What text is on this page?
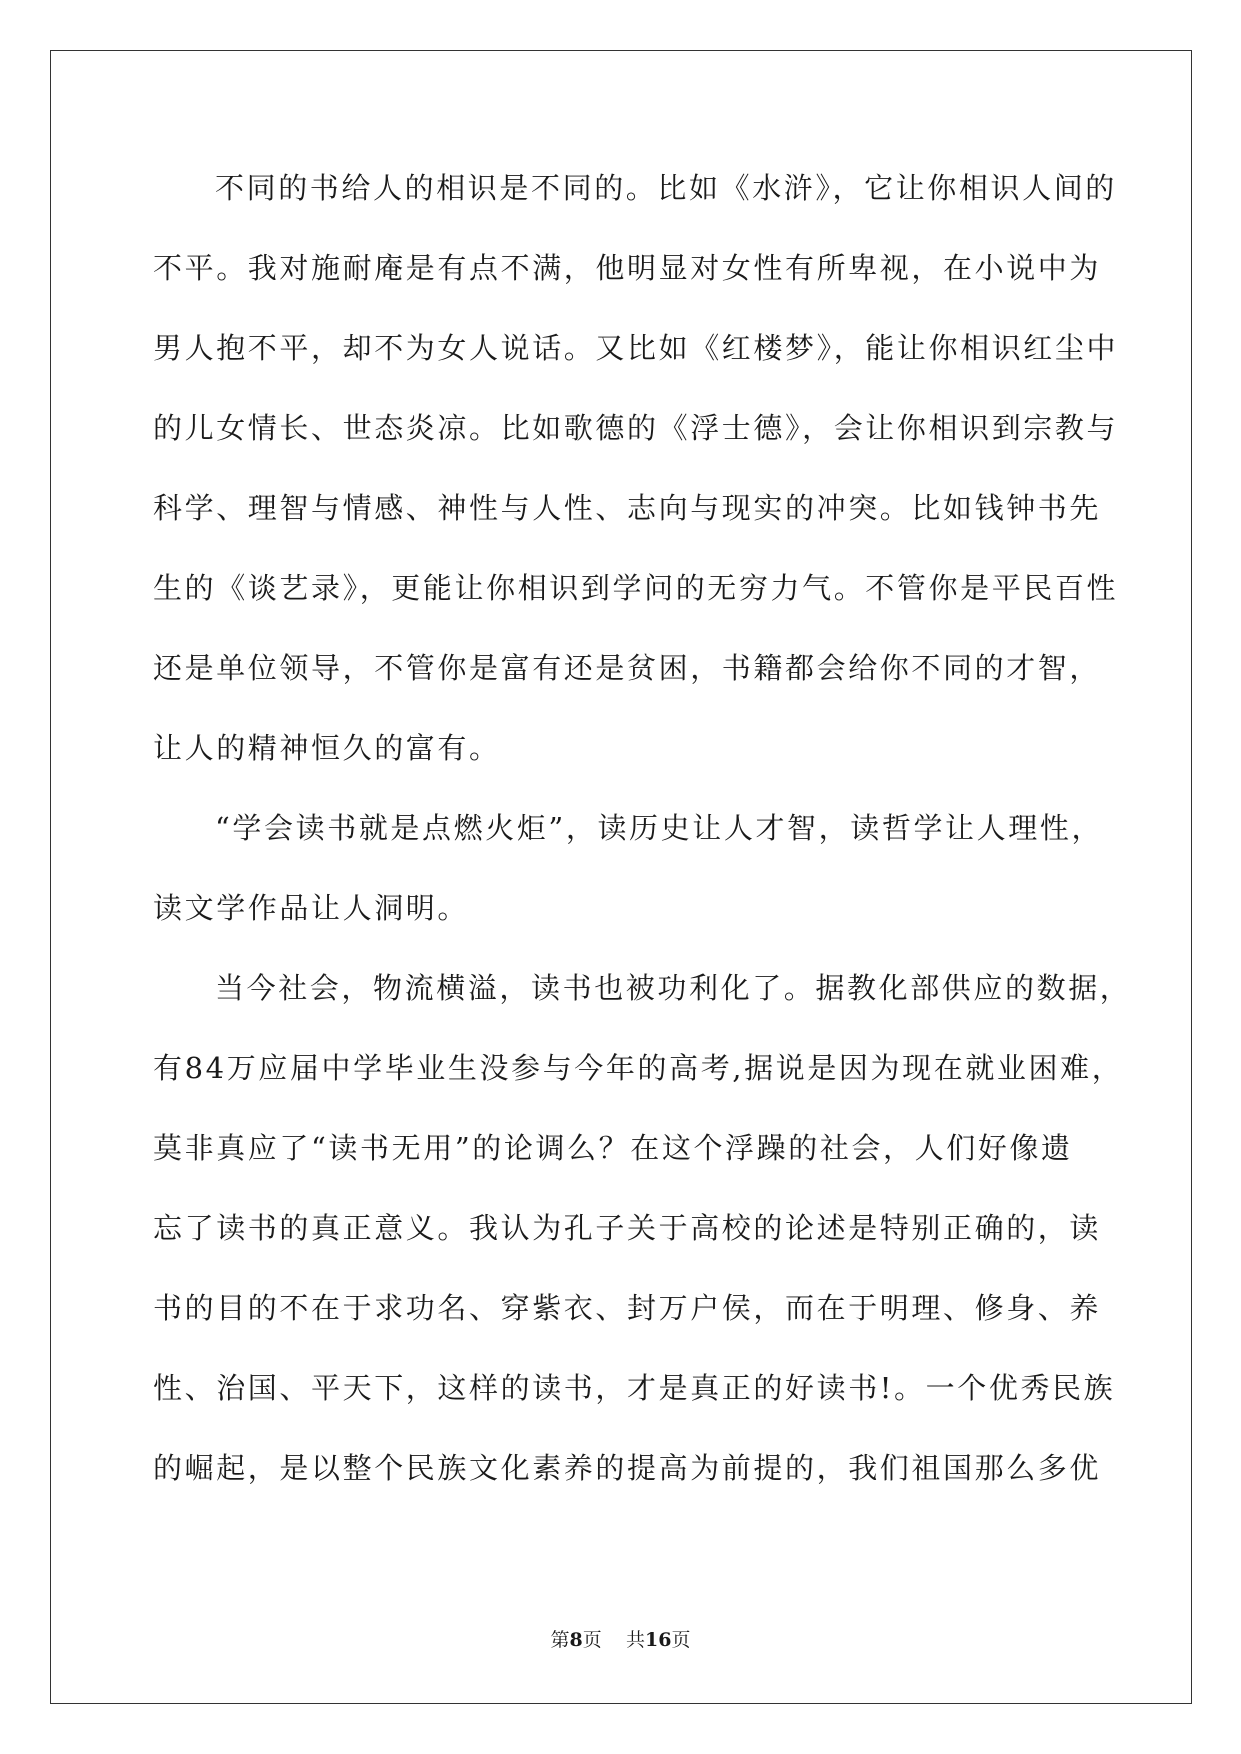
不同的书给人的相识是不同的。比如《水浒》，它让你相识人间的
不平。我对施耐庵是有点不满，他明显对女性有所卑视，在小说中为
男人抱不平，却不为女人说话。又比如《红楼梦》，能让你相识红尘中
的儿女情长、世态炎凉。比如歌德的《浮士德》，会让你相识到宗教与
科学、理智与情感、神性与人性、志向与现实的冲突。比如钱钟书先
生的《谈艺录》，更能让你相识到学问的无穷力气。不管你是平民百性
还是单位领导，不管你是富有还是贫困，书籍都会给你不同的才智，
让人的精神恒久的富有。
“学会读书就是点燃火炬”，读历史让人才智，读哲学让人理性，
读文学作品让人洞明。
当今社会，物流横溢，读书也被功利化了。据教化部供应的数据，
有84万应届中学毕业生没参与今年的高考,据说是因为现在就业困难，
莫非真应了“读书无用”的论调么？在这个浮躁的社会，人们好像遗
忘了读书的真正意义。我认为孔子关于高校的论述是特别正确的，读
书的目的不在于求功名、穿紫衣、封万户侯，而在于明理、修身、养
性、治国、平天下，这样的读书，才是真正的好读书!。一个优秀民族
的崛起，是以整个民族文化素养的提高为前提的，我们祖国那么多优
第8页 共16页
